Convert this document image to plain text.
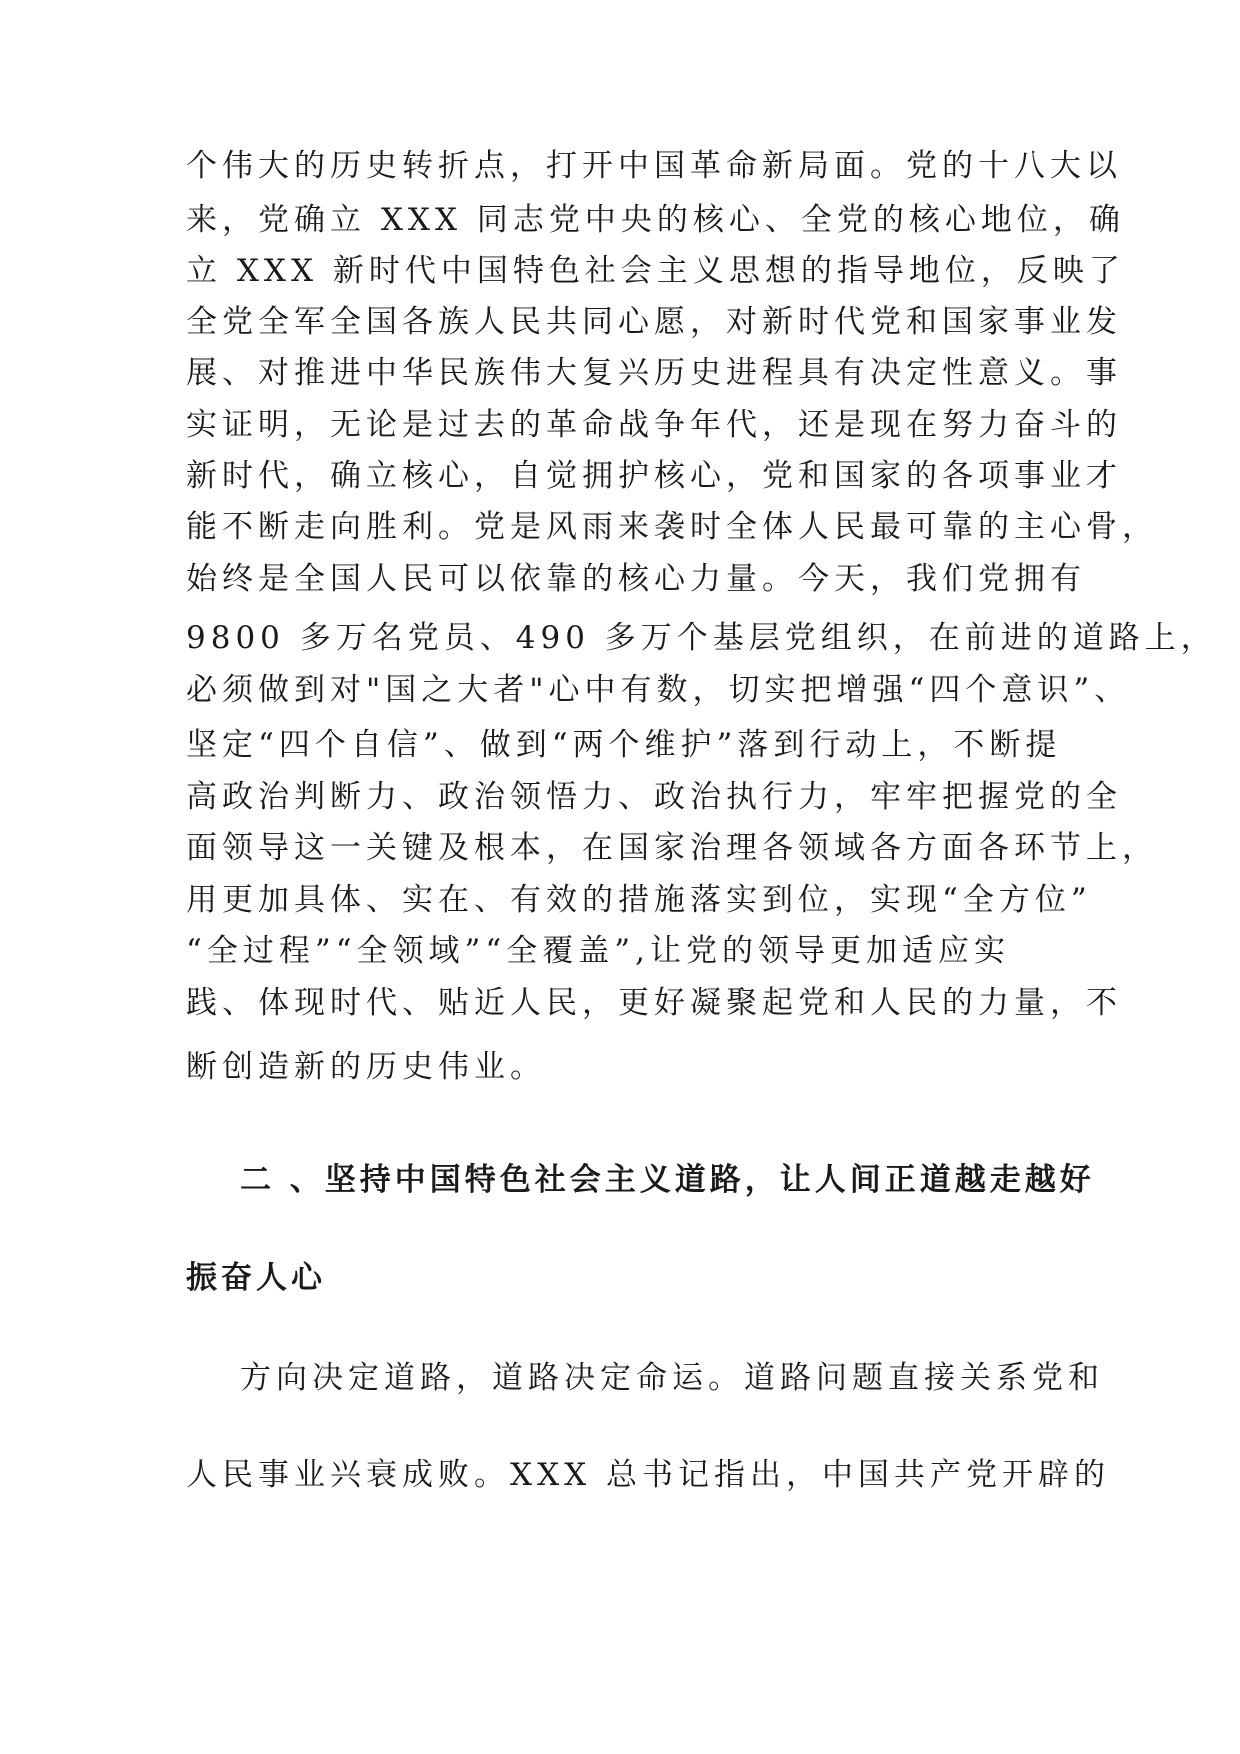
个伟大的历史转折点，打开中国革命新局面。党的十八大以

来，党确立 XXX 同志党中央的核心、全党的核心地位，确

立 XXX 新时代中国特色社会主义思想的指导地位，反映了

全党全军全国各族人民共同心愿，对新时代党和国家事业发

展、对推进中华民族伟大复兴历史进程具有决定性意义。事

实证明，无论是过去的革命战争年代，还是现在努力奋斗的

新时代，确立核心，自觉拥护核心，党和国家的各项事业才

能不断走向胜利。党是风雨来袭时全体人民最可靠的主心骨，

始终是全国人民可以依靠的核心力量。今天，我们党拥有

9800 多万名党员、490 多万个基层党组织，在前进的道路上，

必须做到对"国之大者"心中有数，切实把增强“四个意识”、

坚定“四个自信”、做到“两个维护”落到行动上，不断提

高政治判断力、政治领悟力、政治执行力，牢牢把握党的全

面领导这一关键及根本，在国家治理各领域各方面各环节上，

用更加具体、实在、有效的措施落实到位，实现“全方位”

“全过程”“全领域”“全覆盖”,让党的领导更加适应实

践、体现时代、贴近人民，更好凝聚起党和人民的力量，不

断创造新的历史伟业。

二 、坚持中国特色社会主义道路，让人间正道越走越好

振奋人心

方向决定道路，道路决定命运。道路问题直接关系党和

人民事业兴衰成败。XXX 总书记指出，中国共产党开辟的
